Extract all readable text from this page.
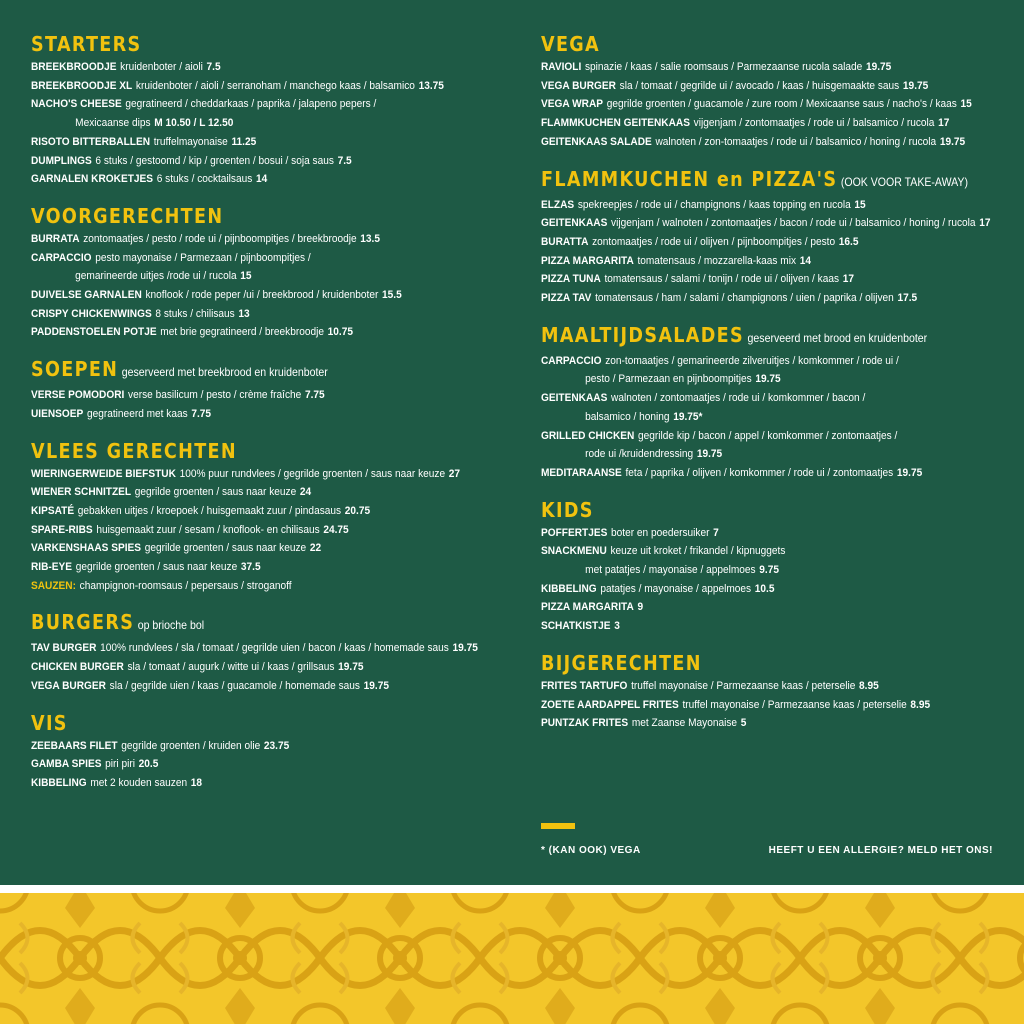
STARTERS
BREEKBROODJE kruidenboter / aioli 7.5
BREEKBROODJE XL kruidenboter / aioli / serranoham / manchego kaas / balsamico 13.75
NACHO'S CHEESE gegratineerd / cheddarkaas / paprika / jalapeno pepers /
Mexicaanse dips M 10.50 / L 12.50
RISOTO BITTERBALLEN truffelmayonaise 11.25
DUMPLINGS 6 stuks / gestoomd / kip / groenten / bosui / soja saus 7.5
GARNALEN KROKETJES 6 stuks / cocktailsaus 14
VOORGERECHTEN
BURRATA zontomaatjes / pesto / rode ui / pijnboompitjes / breekbroodje 13.5
CARPACCIO pesto mayonaise / Parmezaan / pijnboompitjes /
gemarineerde uitjes /rode ui / rucola 15
DUIVELSE GARNALEN knoflook / rode peper /ui / breekbrood / kruidenboter 15.5
CRISPY CHICKENWINGS 8 stuks / chilisaus 13
PADDENSTOELEN POTJE met brie gegratineerd / breekbroodje 10.75
SOEPEN geserveerd met breekbrood en kruidenboter
VERSE POMODORI verse basilicum / pesto / crème fraîche 7.75
UIENSOEP gegratineerd met kaas 7.75
VLEES GERECHTEN
WIERINGERWEIDE BIEFSTUK 100% puur rundvlees / gegrilde groenten / saus naar keuze 27
WIENER SCHNITZEL gegrilde groenten / saus naar keuze 24
KIPSATÉ gebakken uitjes / kroepoek / huisgemaakt zuur / pindasaus 20.75
SPARE-RIBS huisgemaakt zuur / sesam / knoflook- en chilisaus 24.75
VARKENSHAAS SPIES gegrilde groenten / saus naar keuze 22
RIB-EYE gegrilde groenten / saus naar keuze 37.5
SAUZEN: champignon-roomsaus / pepersaus / stroganoff
BURGERS op brioche bol
TAV BURGER 100% rundvlees / sla / tomaat / gegrilde uien / bacon / kaas / homemade saus 19.75
CHICKEN BURGER sla / tomaat / augurk / witte ui / kaas / grillsaus 19.75
VEGA BURGER sla / gegrilde uien / kaas / guacamole / homemade saus 19.75
VIS
ZEEBAARS FILET gegrilde groenten / kruiden olie 23.75
GAMBA SPIES piri piri 20.5
KIBBELING met 2 kouden sauzen 18
VEGA
RAVIOLI spinazie / kaas / salie roomsaus / Parmezaanse rucola salade 19.75
VEGA BURGER sla / tomaat / gegrilde ui / avocado / kaas / huisgemaakte saus 19.75
VEGA WRAP gegrilde groenten / guacamole / zure room / Mexicaanse saus / nacho's / kaas 15
FLAMMKUCHEN GEITENKAAS vijgenjam / zontomaatjes / rode ui / balsamico / rucola 17
GEITENKAAS SALADE walnoten / zon-tomaatjes / rode ui / balsamico / honing / rucola 19.75
FLAMMKUCHEN en PIZZA'S (OOK VOOR TAKE-AWAY)
ELZAS spekreepjes / rode ui / champignons / kaas topping en rucola 15
GEITENKAAS vijgenjam / walnoten / zontomaatjes / bacon / rode ui / balsamico / honing / rucola 17
BURATTA zontomaatjes / rode ui / olijven / pijnboompitjes / pesto 16.5
PIZZA MARGARITA tomatensaus / mozzarella-kaas mix 14
PIZZA TUNA tomatensaus / salami / tonijn / rode ui / olijven / kaas 17
PIZZA TAV tomatensaus / ham / salami / champignons / uien / paprika / olijven 17.5
MAALTIJDSALADES geserveerd met brood en kruidenboter
CARPACCIO zon-tomaatjes / gemarineerde zilveruitjes / komkommer / rode ui /
pesto / Parmezaan en pijnboompitjes 19.75
GEITENKAAS walnoten / zontomaatjes / rode ui / komkommer / bacon /
balsamico / honing 19.75*
GRILLED CHICKEN gegrilde kip / bacon / appel / komkommer / zontomaatjes /
rode ui /kruidendressing 19.75
MEDITARAANSE feta / paprika / olijven / komkommer / rode ui / zontomaatjes 19.75
KIDS
POFFERTJES boter en poedersuiker 7
SNACKMENU keuze uit kroket / frikandel / kipnuggets
met patatjes / mayonaise / appelmoes 9.75
KIBBELING patatjes / mayonaise / appelmoes 10.5
PIZZA MARGARITA 9
SCHATKISTJE 3
BIJGERECHTEN
FRITES TARTUFO truffel mayonaise / Parmezaanse kaas / peterselie 8.95
ZOETE AARDAPPEL FRITES truffel mayonaise / Parmezaanse kaas / peterselie 8.95
PUNTZAK FRITES met Zaanse Mayonaise 5
* (KAN OOK) VEGA	HEEFT U EEN ALLERGIE? MELD HET ONS!
